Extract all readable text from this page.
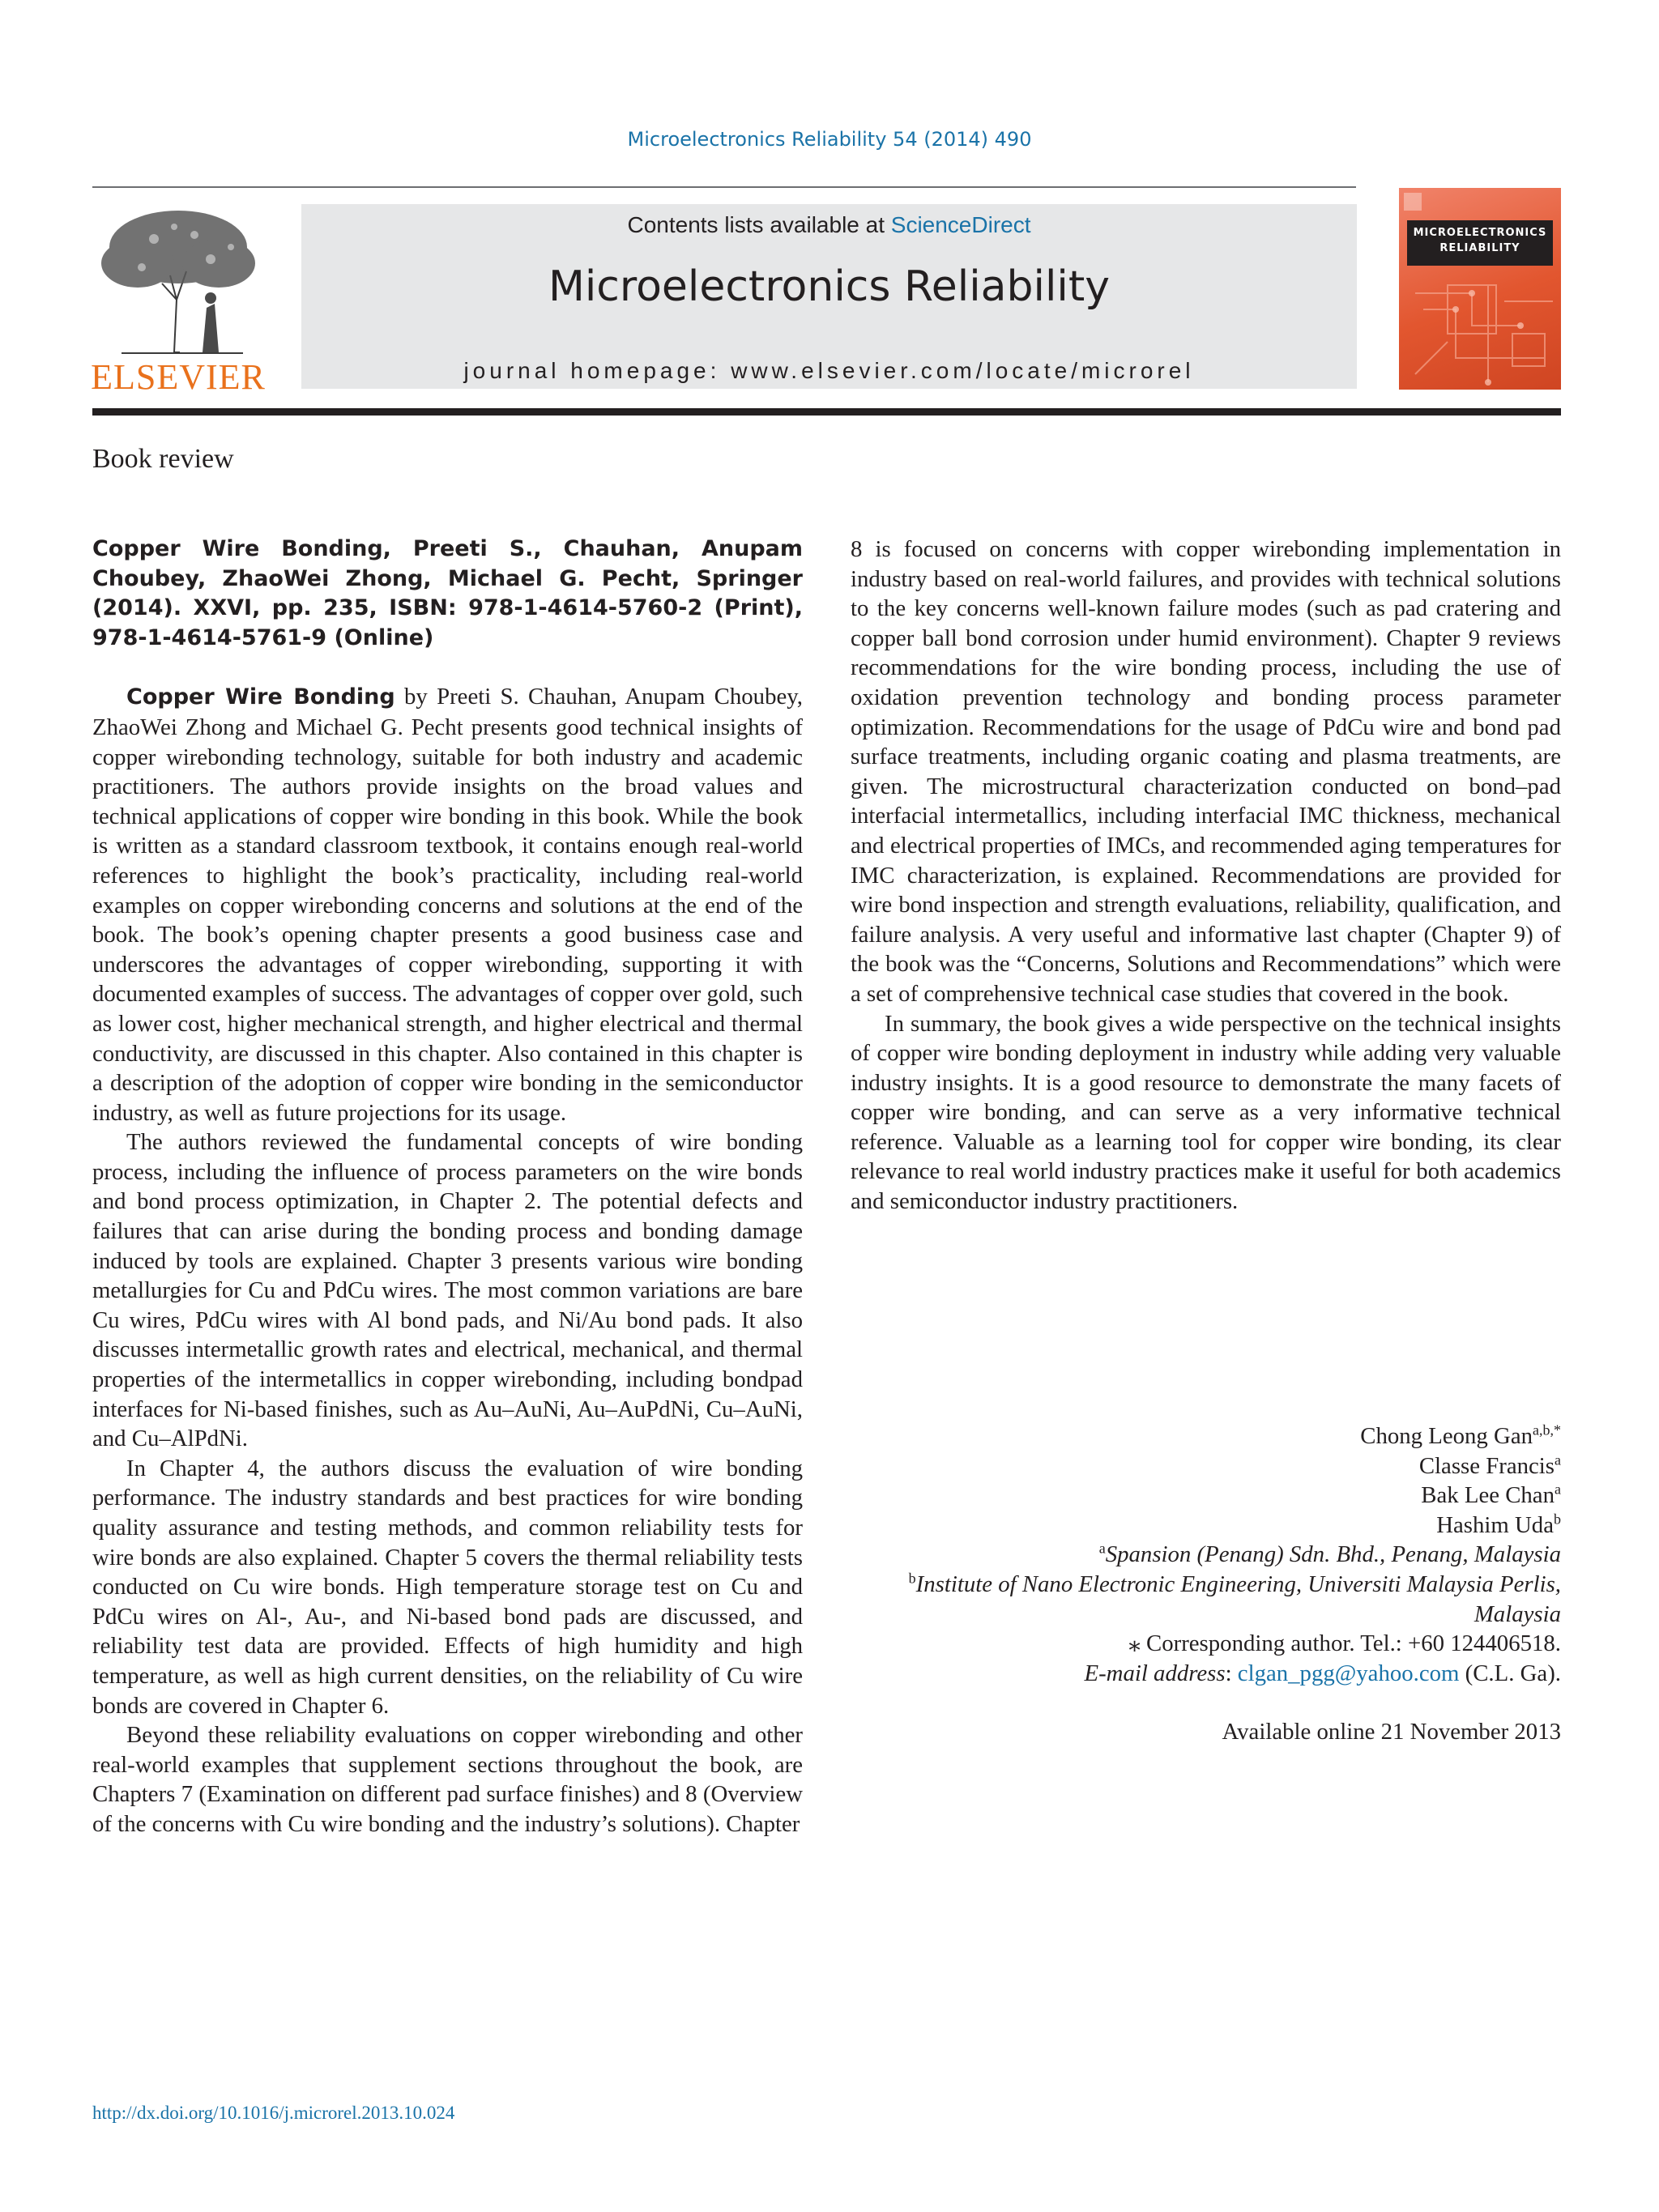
Microelectronics Reliability 54 (2014) 490
ELSEVIER
Contents lists available at ScienceDirect
Microelectronics Reliability
journal homepage: www.elsevier.com/locate/microrel
MICROELECTRONICS
RELIABILITY
Book review

Copper Wire Bonding, Preeti S., Chauhan, Anupam Choubey, ZhaoWei Zhong, Michael G. Pecht, Springer (2014). XXVI, pp. 235, ISBN: 978-1-4614-5760-2 (Print), 978-1-4614-5761-9 (Online)

Copper Wire Bonding by Preeti S. Chauhan, Anupam Choubey, ZhaoWei Zhong and Michael G. Pecht presents good technical insights of copper wirebonding technology, suitable for both industry and academic practitioners. The authors provide insights on the broad values and technical applications of copper wire bonding in this book. While the book is written as a standard classroom textbook, it contains enough real-world references to highlight the book’s practicality, including real-world examples on copper wirebonding concerns and solutions at the end of the book. The book’s opening chapter presents a good business case and underscores the advantages of copper wirebonding, supporting it with documented examples of success. The advantages of copper over gold, such as lower cost, higher mechanical strength, and higher electrical and thermal conductivity, are discussed in this chapter. Also contained in this chapter is a description of the adoption of copper wire bonding in the semiconductor industry, as well as future projections for its usage.

The authors reviewed the fundamental concepts of wire bonding process, including the influence of process parameters on the wire bonds and bond process optimization, in Chapter 2. The potential defects and failures that can arise during the bonding process and bonding damage induced by tools are explained. Chapter 3 presents various wire bonding metallurgies for Cu and PdCu wires. The most common variations are bare Cu wires, PdCu wires with Al bond pads, and Ni/Au bond pads. It also discusses intermetallic growth rates and electrical, mechanical, and thermal properties of the intermetallics in copper wirebonding, including bondpad interfaces for Ni-based finishes, such as Au–AuNi, Au–AuPdNi, Cu–AuNi, and Cu–AlPdNi.

In Chapter 4, the authors discuss the evaluation of wire bonding performance. The industry standards and best practices for wire bonding quality assurance and testing methods, and common reliability tests for wire bonds are also explained. Chapter 5 covers the thermal reliability tests conducted on Cu wire bonds. High temperature storage test on Cu and PdCu wires on Al-, Au-, and Ni-based bond pads are discussed, and reliability test data are provided. Effects of high humidity and high temperature, as well as high current densities, on the reliability of Cu wire bonds are covered in Chapter 6.

Beyond these reliability evaluations on copper wirebonding and other real-world examples that supplement sections throughout the book, are Chapters 7 (Examination on different pad surface finishes) and 8 (Overview of the concerns with Cu wire bonding and the industry’s solutions). Chapter

8 is focused on concerns with copper wirebonding implementation in industry based on real-world failures, and provides with technical solutions to the key concerns well-known failure modes (such as pad cratering and copper ball bond corrosion under humid environment). Chapter 9 reviews recommendations for the wire bonding process, including the use of oxidation prevention technology and bonding process parameter optimization. Recommendations for the usage of PdCu wire and bond pad surface treatments, including organic coating and plasma treatments, are given. The microstructural characterization conducted on bond–pad interfacial intermetallics, including interfacial IMC thickness, mechanical and electrical properties of IMCs, and recommended aging temperatures for IMC characterization, is explained. Recommendations are provided for wire bond inspection and strength evaluations, reliability, qualification, and failure analysis. A very useful and informative last chapter (Chapter 9) of the book was the “Concerns, Solutions and Recommendations” which were a set of comprehensive technical case studies that covered in the book.

In summary, the book gives a wide perspective on the technical insights of copper wire bonding deployment in industry while adding very valuable industry insights. It is a good resource to demonstrate the many facets of copper wire bonding, and can serve as a very informative technical reference. Valuable as a learning tool for copper wire bonding, its clear relevance to real world industry practices make it useful for both academics and semiconductor industry practitioners.

Chong Leong Gan$^{a,b,*}$
Classe Francis$^a$
Bak Lee Chan$^a$
Hashim Uda$^b$
$^a$Spansion (Penang) Sdn. Bhd., Penang, Malaysia
$^b$Institute of Nano Electronic Engineering, Universiti Malaysia Perlis, Malaysia
⁎ Corresponding author. Tel.: +60 124406518.
E-mail address: clgan_pgg@yahoo.com (C.L. Ga).
Available online 21 November 2013
http://dx.doi.org/10.1016/j.microrel.2013.10.024
